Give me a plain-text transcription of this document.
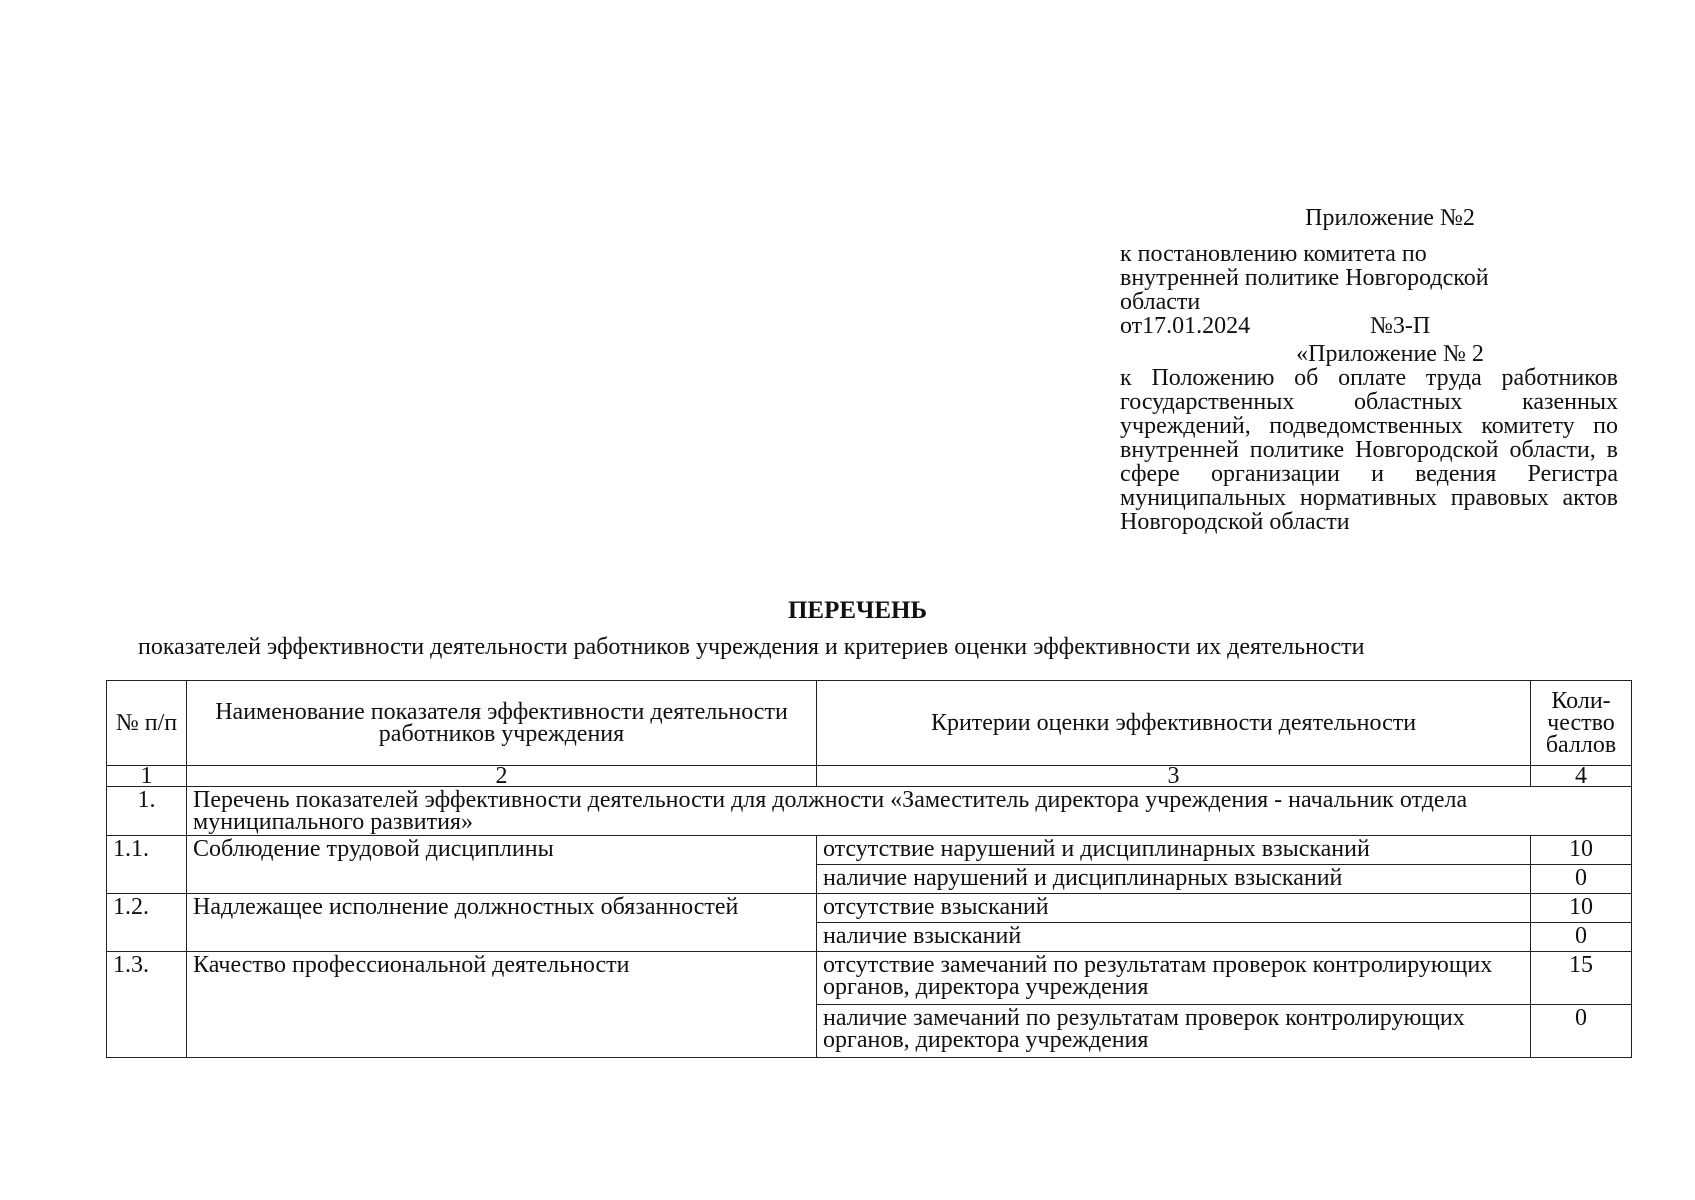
Приложение №2
к постановлению комитета по
внутренней политике Новгородской
области
от17.01.2024	№3-П
«Приложение № 2
к Положению об оплате труда работников государственных областных казенных учреждений, подведомственных комитету по внутренней политике Новгородской области, в сфере организации и ведения Регистра муниципальных нормативных правовых актов Новгородской области
ПЕРЕЧЕНЬ
показателей эффективности деятельности работников учреждения и критериев оценки эффективности их деятельности
№ п/п	Наименование показателя эффективности деятельности работников учреждения	Критерии оценки эффективности деятельности	Коли-чество баллов
1	2	3	4
1.	Перечень показателей эффективности деятельности для должности «Заместитель директора учреждения - начальник отдела муниципального развития»		
1.1.	Соблюдение трудовой дисциплины	отсутствие нарушений и дисциплинарных взысканий	10
		наличие нарушений и дисциплинарных взысканий	0
1.2.	Надлежащее исполнение должностных обязанностей	отсутствие взысканий	10
		наличие взысканий	0
1.3.	Качество профессиональной деятельности	отсутствие замечаний по результатам проверок контролирующих органов, директора учреждения	15
		наличие замечаний по результатам проверок контролирующих органов, директора учреждения	0
